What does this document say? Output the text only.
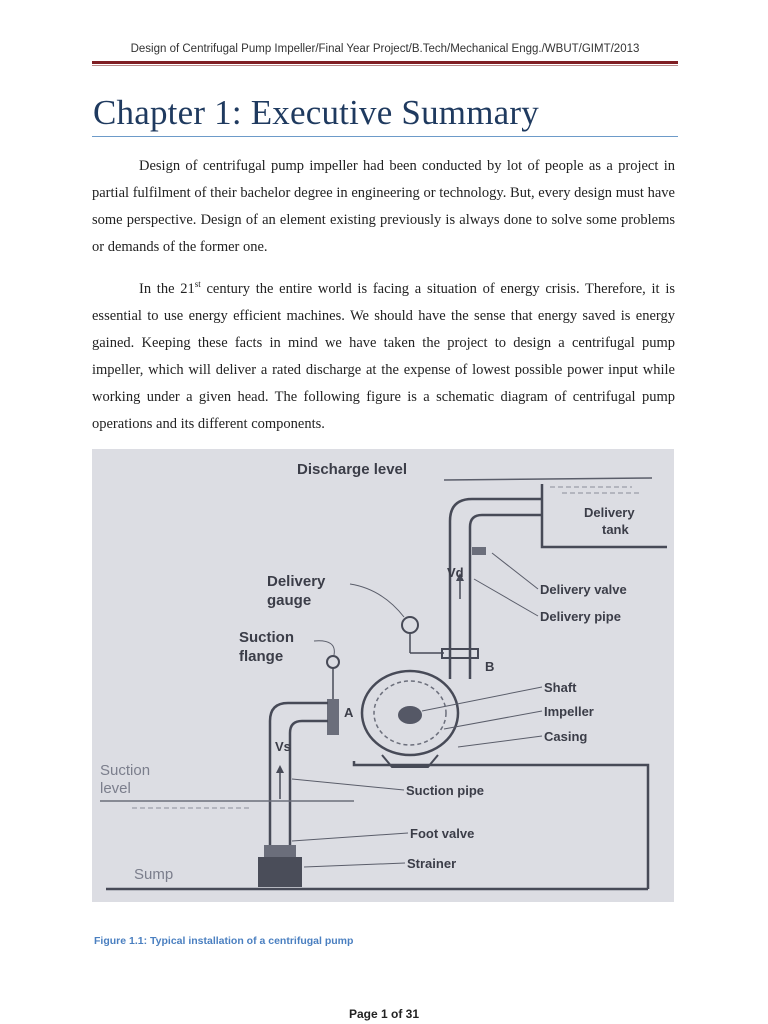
Design of Centrifugal Pump Impeller/Final Year Project/B.Tech/Mechanical Engg./WBUT/GIMT/2013
Chapter 1: Executive Summary

Design of centrifugal pump impeller had been conducted by lot of people as a project in partial fulfilment of their bachelor degree in engineering or technology. But, every design must have some perspective. Design of an element existing previously is always done to solve some problems or demands of the former one.

In the 21st century the entire world is facing a situation of energy crisis. Therefore, it is essential to use energy efficient machines. We should have the sense that energy saved is energy gained. Keeping these facts in mind we have taken the project to design a centrifugal pump impeller, which will deliver a rated discharge at the expense of lowest possible power input while working under a given head. The following figure is a schematic diagram of centrifugal pump operations and its different components.

Discharge level
Delivery
tank
Vd
Delivery valve
Delivery pipe
Delivery
gauge
B
Suction
flange
A
Shaft
Impeller
Casing
Vs
Suction
level	Suction pipe
Foot valve
Strainer
Sump
Figure 1.1: Typical installation of a centrifugal pump
Page 1 of 31
